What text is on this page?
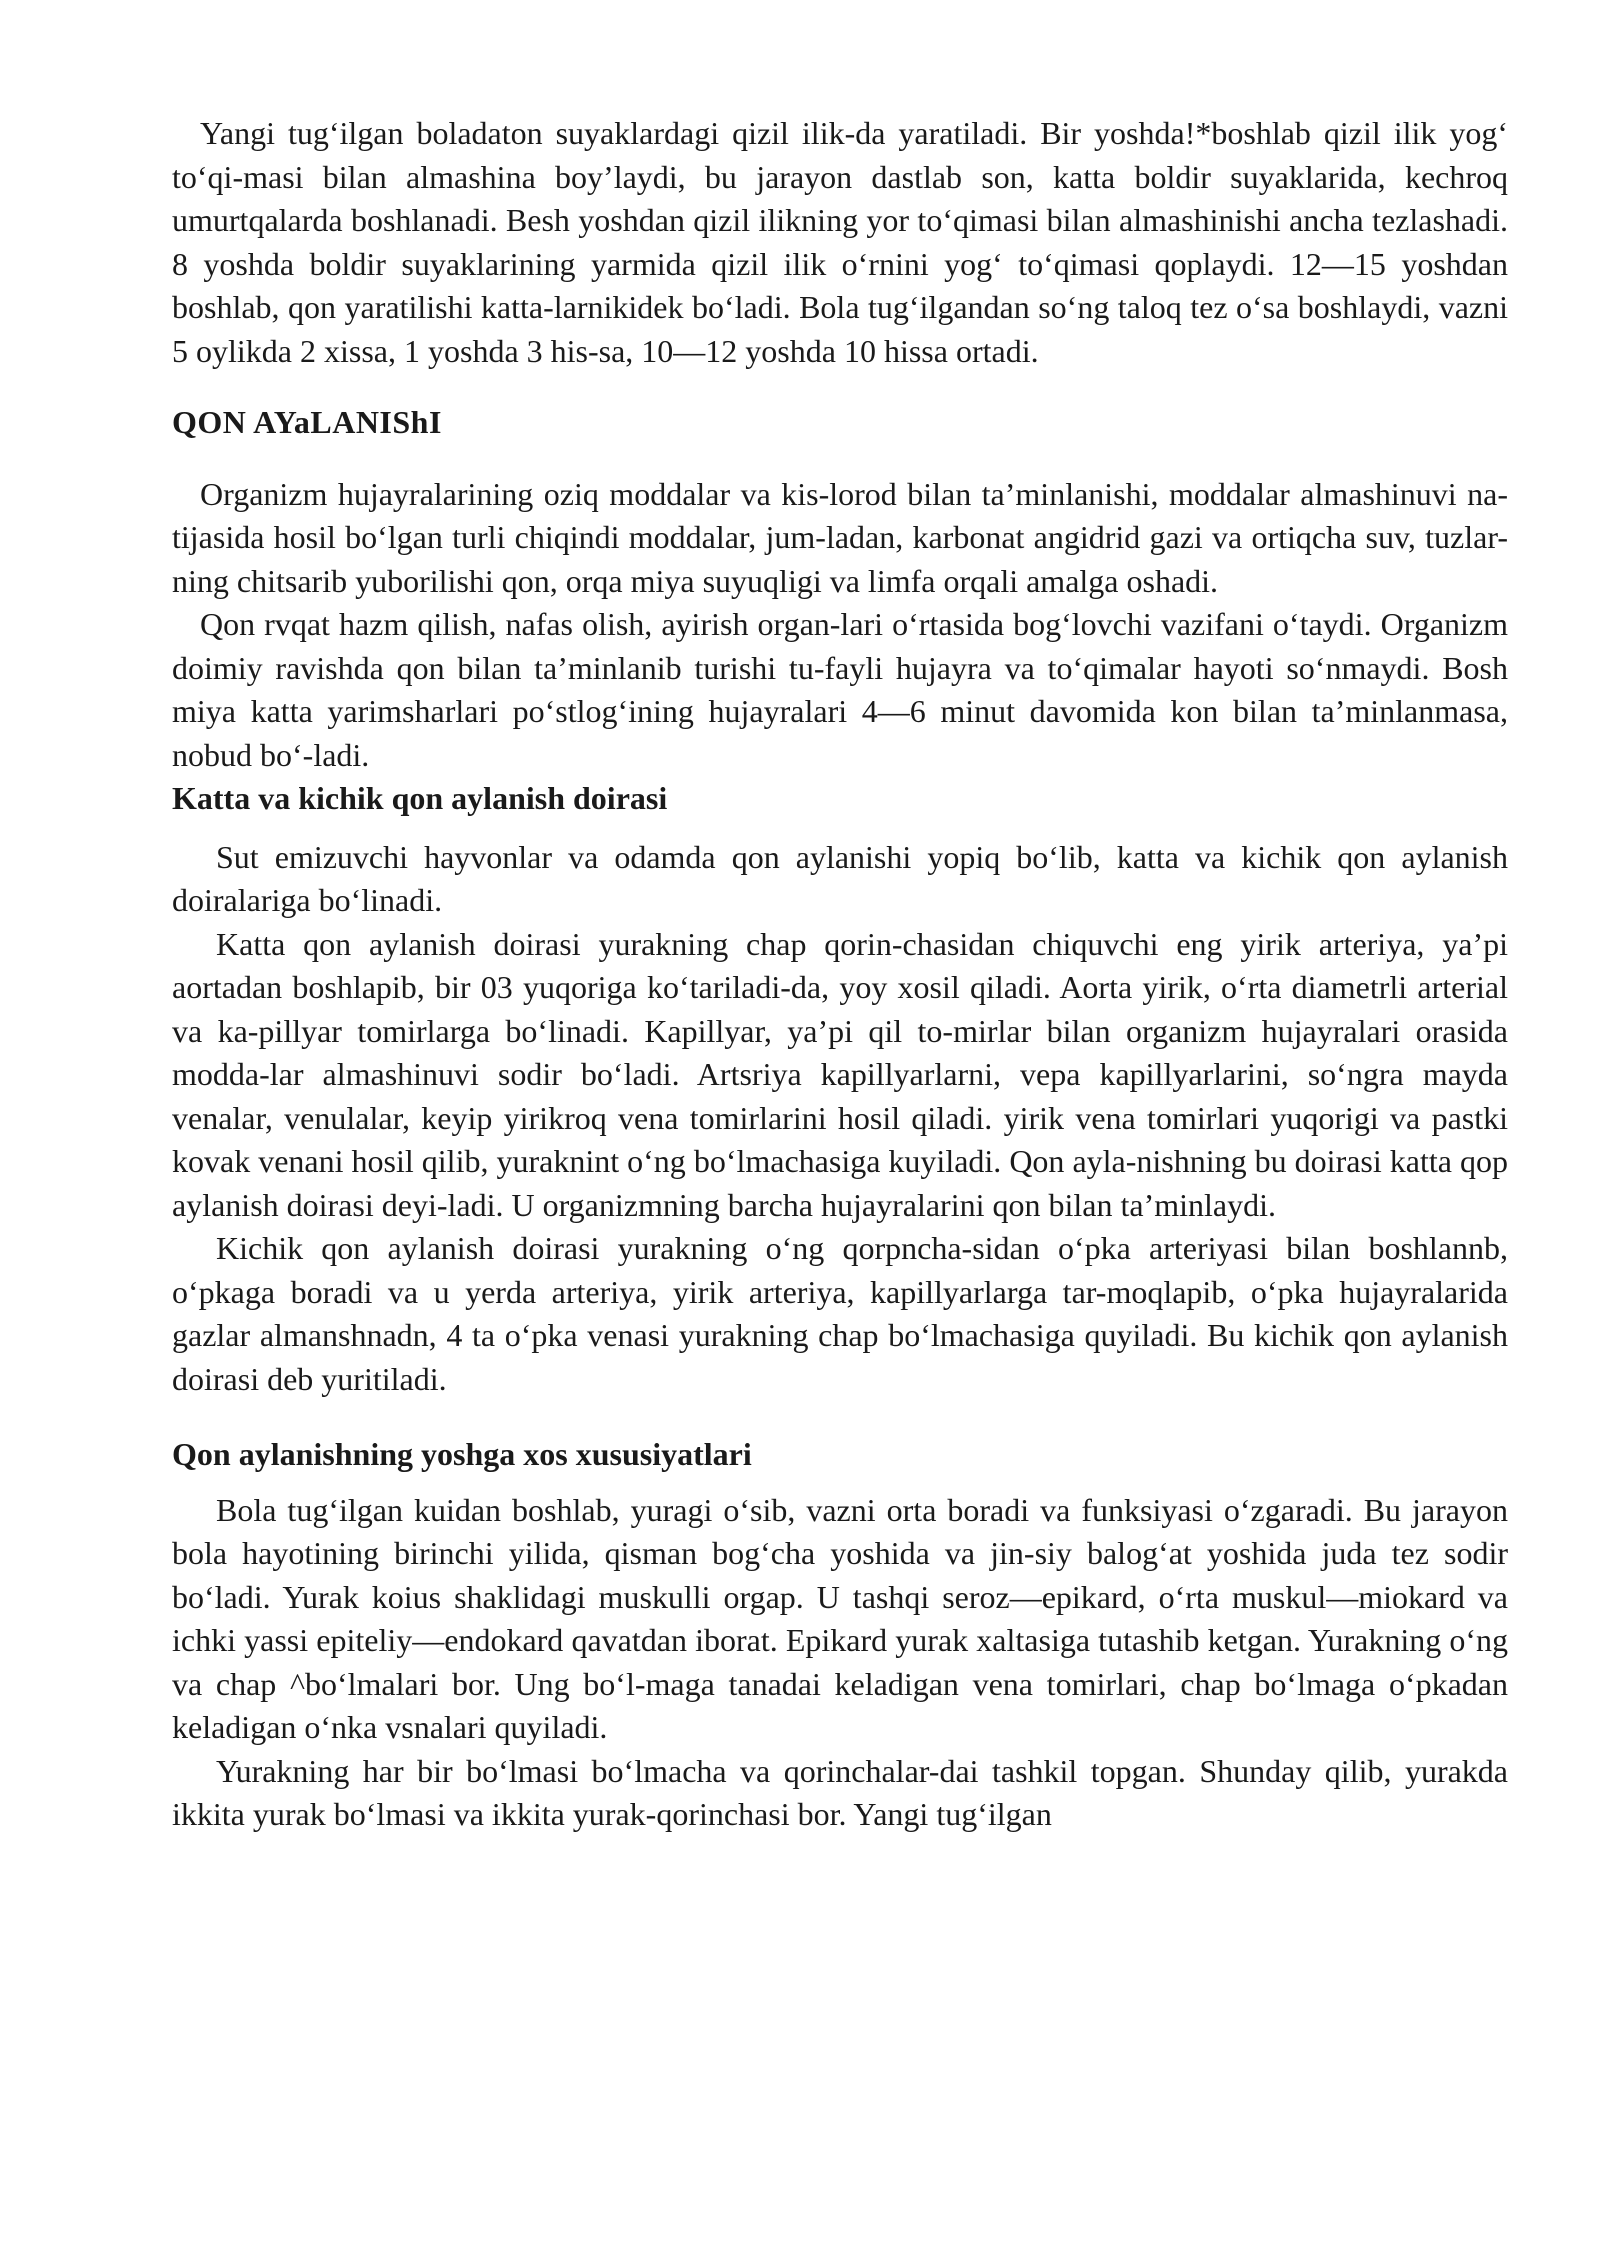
Yangi tug‘ilgan boladaton suyaklardagi qizil ilik-da yaratiladi. Bir yoshda!*boshlab qizil ilik yog‘ to‘qi-masi bilan almashina boy’laydi, bu jarayon dastlab son, katta boldir suyaklarida, kechroq umurtqalarda boshlanadi. Besh yoshdan qizil ilikning yor to‘qimasi bilan almashinishi ancha tezlashadi. 8 yoshda boldir suyaklarining yarmida qizil ilik o‘rnini yog‘ to‘qimasi qoplaydi. 12—15 yoshdan boshlab, qon yaratilishi katta-larnikidek bo‘ladi. Bola tug‘ilgandan so‘ng taloq tez o‘sa boshlaydi, vazni 5 oylikda 2 xissa, 1 yoshda 3 his-sa, 10—12 yoshda 10 hissa ortadi.

QON AYaLANIShI

Organizm hujayralarining oziq moddalar va kis-lorod bilan ta’minlanishi, moddalar almashinuvi na-tijasida hosil bo‘lgan turli chiqindi moddalar, jum-ladan, karbonat angidrid gazi va ortiqcha suv, tuzlar-ning chitsarib yuborilishi qon, orqa miya suyuqligi va limfa orqali amalga oshadi.

Qon rvqat hazm qilish, nafas olish, ayirish organ-lari o‘rtasida bog‘lovchi vazifani o‘taydi. Organizm doimiy ravishda qon bilan ta’minlanib turishi tu-fayli hujayra va to‘qimalar hayoti so‘nmaydi. Bosh miya katta yarimsharlari po‘stlog‘ining hujayralari 4—6 minut davomida kon bilan ta’minlanmasa, nobud bo‘-ladi.

Katta va kichik qon aylanish doirasi

Sut emizuvchi hayvonlar va odamda qon aylanishi yopiq bo‘lib, katta va kichik qon aylanish doiralariga bo‘linadi.

Katta qon aylanish doirasi yurakning chap qorin-chasidan chiquvchi eng yirik arteriya, ya’pi aortadan boshlapib, bir 03 yuqoriga ko‘tariladi-da, yoy xosil qiladi. Aorta yirik, o‘rta diametrli arterial va ka-pillyar tomirlarga bo‘linadi. Kapillyar, ya’pi qil to-mirlar bilan organizm hujayralari orasida modda-lar almashinuvi sodir bo‘ladi. Artsriya kapillyarlarni, vepa kapillyarlarini, so‘ngra mayda venalar, venulalar, keyip yirikroq vena tomirlarini hosil qiladi. yirik vena tomirlari yuqorigi va pastki kovak venani hosil qilib, yuraknint o‘ng bo‘lmachasiga kuyiladi. Qon ayla-nishning bu doirasi katta qop aylanish doirasi deyi-ladi. U organizmning barcha hujayralarini qon bilan ta’minlaydi.

Kichik qon aylanish doirasi yurakning o‘ng qorpncha-sidan o‘pka arteriyasi bilan boshlannb, o‘pkaga boradi va u yerda arteriya, yirik arteriya, kapillyarlarga tar-moqlapib, o‘pka hujayralarida gazlar almanshnadn, 4 ta o‘pka venasi yurakning chap bo‘lmachasiga quyiladi. Bu kichik qon aylanish doirasi deb yuritiladi.

Qon aylanishning yoshga xos xususiyatlari

Bola tug‘ilgan kuidan boshlab, yuragi o‘sib, vazni orta boradi va funksiyasi o‘zgaradi. Bu jarayon bola hayotining birinchi yilida, qisman bog‘cha yoshida va jin-siy balog‘at yoshida juda tez sodir bo‘ladi. Yurak koius shaklidagi muskulli orgap. U tashqi seroz—epikard, o‘rta muskul—miokard va ichki yassi epiteliy—endokard qavatdan iborat. Epikard yurak xaltasiga tutashib ketgan. Yurakning o‘ng va chap ^bo‘lmalari bor. Ung bo‘l-maga tanadai keladigan vena tomirlari, chap bo‘lmaga o‘pkadan keladigan o‘nka vsnalari quyiladi.

Yurakning har bir bo‘lmasi bo‘lmacha va qorinchalar-dai tashkil topgan. Shunday qilib, yurakda ikkita yurak bo‘lmasi va ikkita yurak-qorinchasi bor. Yangi tug‘ilgan
